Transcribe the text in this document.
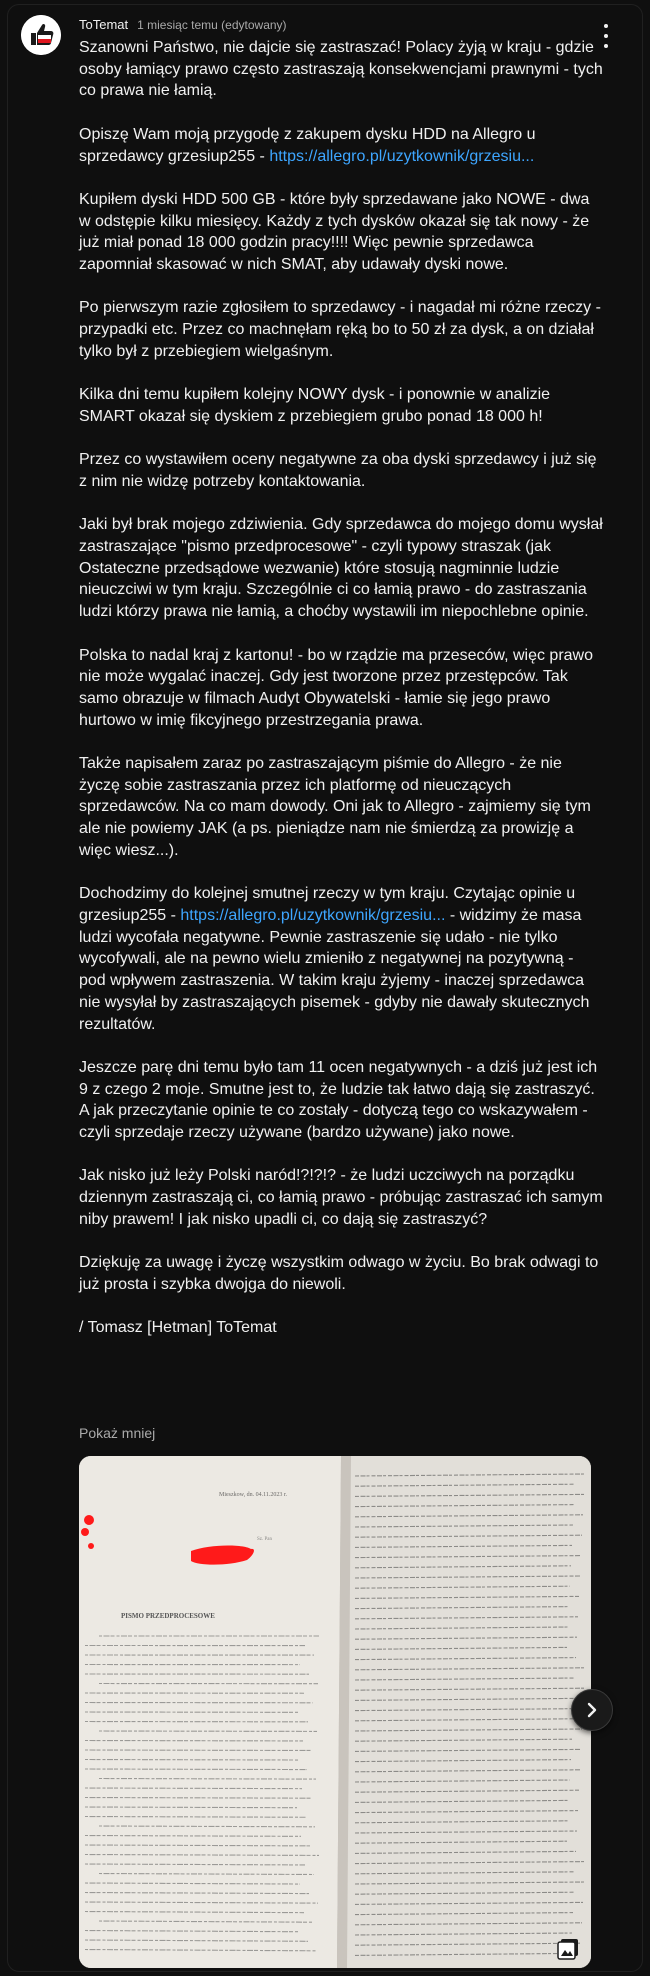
ToTemat 1 miesiąc temu (edytowany)

Szanowni Państwo, nie dajcie się zastraszać! Polacy żyją w kraju - gdzie osoby łamiący prawo często zastraszają konsekwencjami prawnymi - tych co prawa nie łamią.

Opiszę Wam moją przygodę z zakupem dysku HDD na Allegro u sprzedawcy grzesiup255 - https://allegro.pl/uzytkownik/grzesiu...

Kupiłem dyski HDD 500 GB - które były sprzedawane jako NOWE - dwa w odstępie kilku miesięcy. Każdy z tych dysków okazał się tak nowy - że już miał ponad 18 000 godzin pracy!!!! Więc pewnie sprzedawca zapomniał skasować w nich SMAT, aby udawały dyski nowe.

Po pierwszym razie zgłosiłem to sprzedawcy - i nagadał mi różne rzeczy - przypadki etc. Przez co machnęłam ręką bo to 50 zł za dysk, a on działał tylko był z przebiegiem wielgaśnym.

Kilka dni temu kupiłem kolejny NOWY dysk - i ponownie w analizie SMART okazał się dyskiem z przebiegiem grubo ponad 18 000 h!

Przez co wystawiłem oceny negatywne za oba dyski sprzedawcy i już się z nim nie widzę potrzeby kontaktowania.

Jaki był brak mojego zdziwienia. Gdy sprzedawca do mojego domu wysłał zastraszające "pismo przedprocesowe" - czyli typowy straszak (jak Ostateczne przedsądowe wezwanie) które stosują nagminnie ludzie nieuczciwi w tym kraju. Szczególnie ci co łamią prawo - do zastraszania ludzi którzy prawa nie łamią, a choćby wystawili im niepochlebne opinie.

Polska to nadal kraj z kartonu! - bo w rządzie ma przeseców, więc prawo nie może wygalać inaczej. Gdy jest tworzone przez przestępców. Tak samo obrazuje w filmach Audyt Obywatelski - łamie się jego prawo hurtowo w imię fikcyjnego przestrzegania prawa.

Także napisałem zaraz po zastraszającym piśmie do Allegro - że nie życzę sobie zastraszania przez ich platformę od nieuczących sprzedawców. Na co mam dowody. Oni jak to Allegro - zajmiemy się tym ale nie powiemy JAK (a ps. pieniądze nam nie śmierdzą za prowizję a więc wiesz...).

Dochodzimy do kolejnej smutnej rzeczy w tym kraju. Czytając opinie u grzesiup255 - https://allegro.pl/uzytkownik/grzesiu... - widzimy że masa ludzi wycofała negatywne. Pewnie zastraszenie się udało - nie tylko wycofywali, ale na pewno wielu zmieniło z negatywnej na pozytywną - pod wpływem zastraszenia. W takim kraju żyjemy - inaczej sprzedawca nie wysyłał by zastraszających pisemek - gdyby nie dawały skutecznych rezultatów.

Jeszcze parę dni temu było tam 11 ocen negatywnych - a dziś już jest ich 9 z czego 2 moje. Smutne jest to, że ludzie tak łatwo dają się zastraszyć. A jak przeczytanie opinie te co zostały - dotyczą tego co wskazywałem - czyli sprzedaje rzeczy używane (bardzo używane) jako nowe.

Jak nisko już leży Polski naród!?!?!? - że ludzi uczciwych na porządku dziennym zastraszają ci, co łamią prawo - próbując zastraszać ich samym niby prawem! I jak nisko upadli ci, co dają się zastraszyć?

Dziękuję za uwagę i życzę wszystkim odwago w życiu. Bo brak odwagi to już prosta i szybka dwojga do niewoli.

/ Tomasz [Hetman] ToTemat

Pokaż mniej
Mieszkow, dn. 04.11.2023 r.
Sz. Pan
PISMO PRZEDPROCESOWE
